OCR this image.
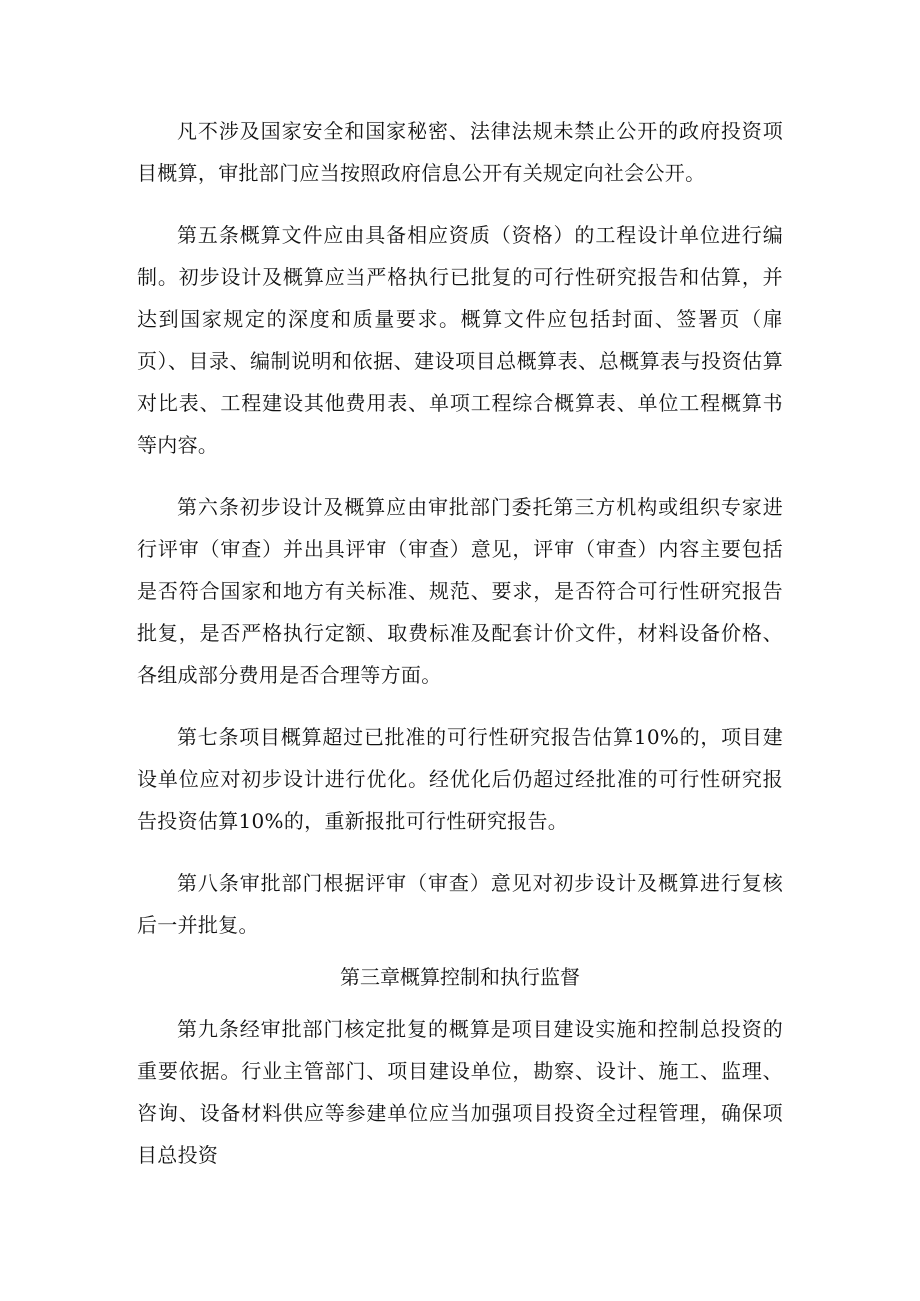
凡不涉及国家安全和国家秘密、法律法规未禁止公开的政府投资项目概算，审批部门应当按照政府信息公开有关规定向社会公开。

第五条概算文件应由具备相应资质（资格）的工程设计单位进行编制。初步设计及概算应当严格执行已批复的可行性研究报告和估算，并达到国家规定的深度和质量要求。概算文件应包括封面、签署页（扉页）、目录、编制说明和依据、建设项目总概算表、总概算表与投资估算对比表、工程建设其他费用表、单项工程综合概算表、单位工程概算书等内容。

第六条初步设计及概算应由审批部门委托第三方机构或组织专家进行评审（审查）并出具评审（审查）意见，评审（审查）内容主要包括是否符合国家和地方有关标准、规范、要求，是否符合可行性研究报告批复，是否严格执行定额、取费标准及配套计价文件，材料设备价格、各组成部分费用是否合理等方面。

第七条项目概算超过已批准的可行性研究报告估算10%的，项目建设单位应对初步设计进行优化。经优化后仍超过经批准的可行性研究报告投资估算10%的，重新报批可行性研究报告。

第八条审批部门根据评审（审查）意见对初步设计及概算进行复核后一并批复。

第三章概算控制和执行监督

第九条经审批部门核定批复的概算是项目建设实施和控制总投资的重要依据。行业主管部门、项目建设单位，勘察、设计、施工、监理、咨询、设备材料供应等参建单位应当加强项目投资全过程管理，确保项目总投资
